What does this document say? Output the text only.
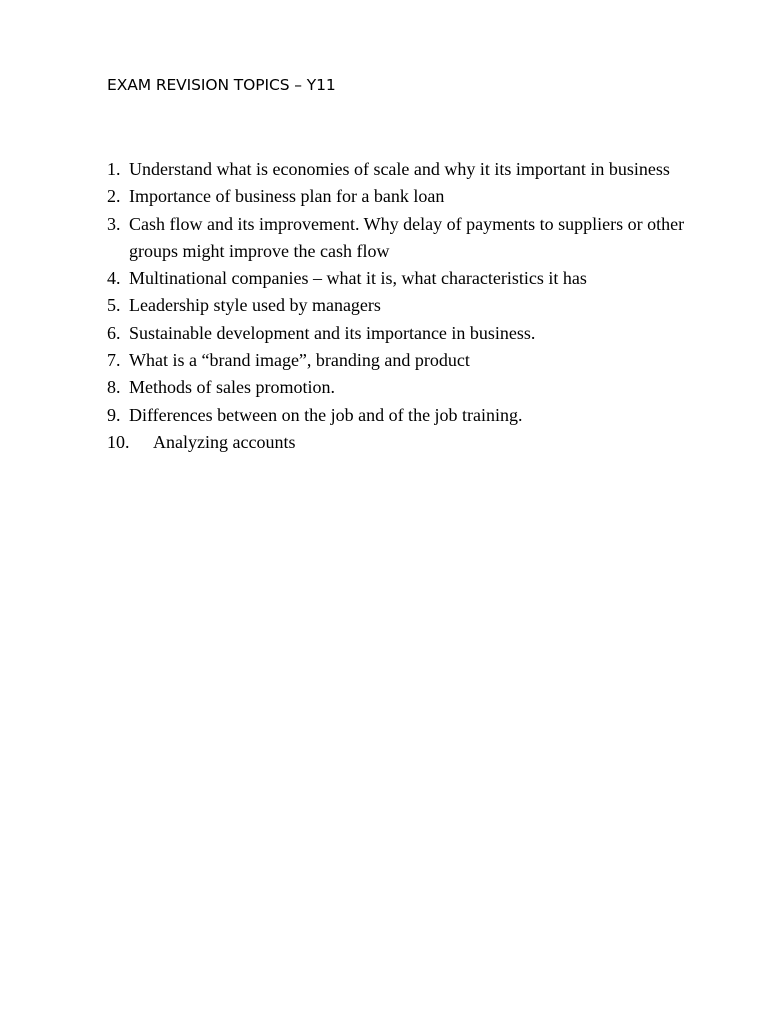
EXAM REVISION TOPICS – Y11
1. Understand what is economies of scale and why it its important in business
2. Importance of business plan for a bank loan
3. Cash flow and its improvement. Why delay of payments to suppliers or other groups might improve the cash flow
4. Multinational companies – what it is, what characteristics it has
5. Leadership style used by managers
6. Sustainable development and its importance in business.
7. What is a “brand image”, branding and product
8. Methods of sales promotion.
9. Differences between on the job and of the job training.
10.	Analyzing accounts
